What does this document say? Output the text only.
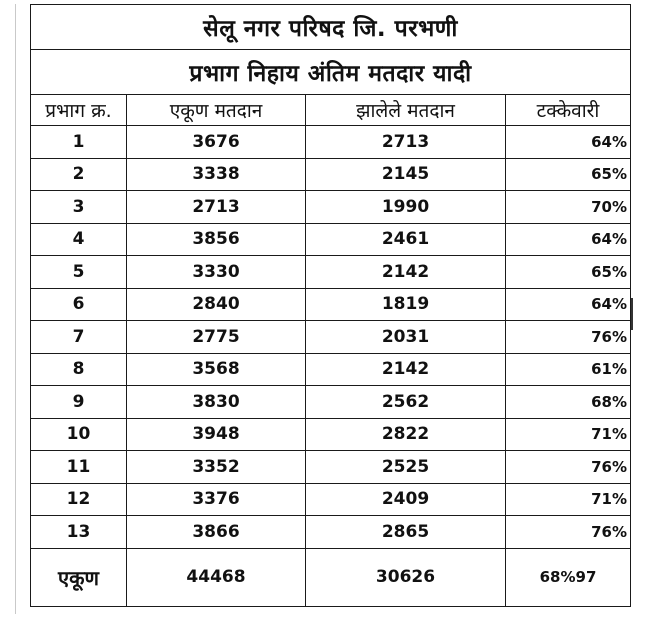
सेलू नगर परिषद जि. परभणी			
प्रभाग निहाय अंतिम मतदार यादी			
प्रभाग क्र.	एकूण मतदान	झालेले मतदान	टक्केवारी
1	3676	2713	64%
2	3338	2145	65%
3	2713	1990	70%
4	3856	2461	64%
5	3330	2142	65%
6	2840	1819	64%
7	2775	2031	76%
8	3568	2142	61%
9	3830	2562	68%
10	3948	2822	71%
11	3352	2525	76%
12	3376	2409	71%
13	3866	2865	76%
एकूण	44468	30626	68%97
